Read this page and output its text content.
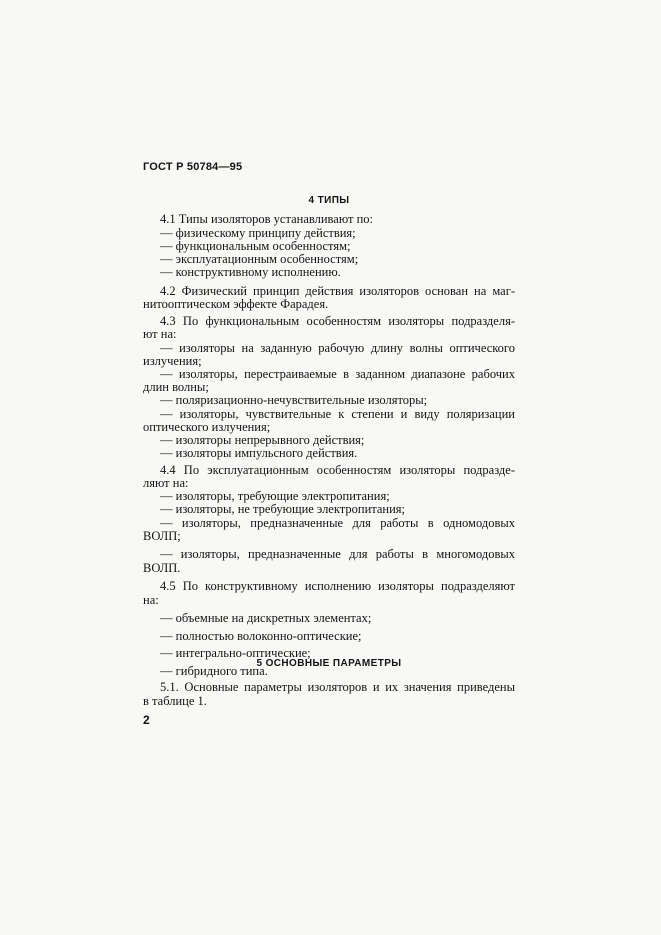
ГОСТ Р 50784—95
4 ТИПЫ
4.1 Типы изоляторов устанавливают по:
— физическому принципу действия;
— функциональным особенностям;
— эксплуатационным особенностям;
— конструктивному исполнению.
4.2 Физический принцип действия изоляторов основан на маг-
нитооптическом эффекте Фарадея.
4.3 По функциональным особенностям изоляторы подразделя-
ют на:
— изоляторы на заданную рабочую длину волны оптического
излучения;
— изоляторы, перестраиваемые в заданном диапазоне рабочих
длин волны;
— поляризационно-нечувствительные изоляторы;
— изоляторы, чувствительные к степени и виду поляризации
оптического излучения;
— изоляторы непрерывного действия;
— изоляторы импульсного действия.
4.4 По эксплуатационным особенностям изоляторы подразде-
ляют на:
— изоляторы, требующие электропитания;
— изоляторы, не требующие электропитания;
— изоляторы, предназначенные для работы в одномодовых
ВОЛП;
— изоляторы, предназначенные для работы в многомодовых
ВОЛП.
4.5 По конструктивному исполнению изоляторы подразделяют
на:
— объемные на дискретных элементах;
— полностью волоконно-оптические;
— интегрально-оптические;
— гибридного типа.
5 ОСНОВНЫЕ ПАРАМЕТРЫ
5.1. Основные параметры изоляторов и их значения приведены
в таблице 1.
2
